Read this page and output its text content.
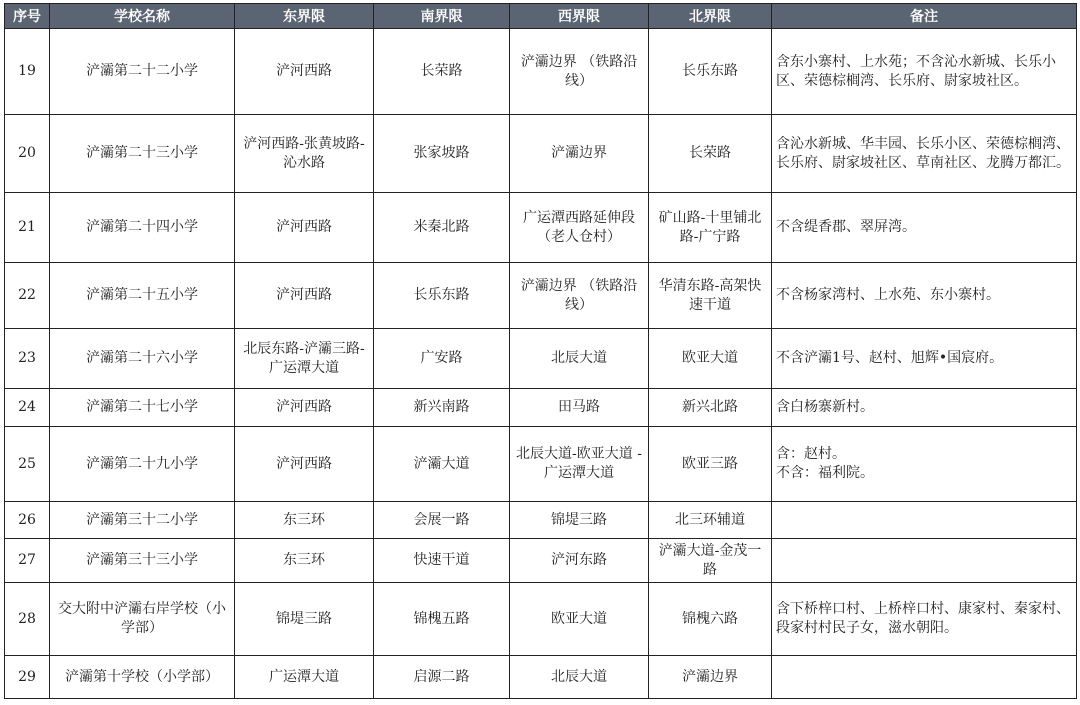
序号	学校名称	东界限	南界限	西界限	北界限	备注
19	浐灞第二十二小学	浐河西路	长荣路	浐灞边界 （铁路沿线）	长乐东路	含东小寨村、上水苑；不含沁水新城、长乐小区、荣德棕榈湾、长乐府、尉家坡社区。
20	浐灞第二十三小学	浐河西路-张黄坡路-沁水路	张家坡路	浐灞边界	长荣路	含沁水新城、华丰园、长乐小区、荣德棕榈湾、长乐府、尉家坡社区、草南社区、龙腾万都汇。
21	浐灞第二十四小学	浐河西路	米秦北路	广运潭西路延伸段（老人仓村）	矿山路-十里铺北路-广宁路	不含缇香郡、翠屏湾。
22	浐灞第二十五小学	浐河西路	长乐东路	浐灞边界 （铁路沿线）	华清东路-高架快速干道	不含杨家湾村、上水苑、东小寨村。
23	浐灞第二十六小学	北辰东路-浐灞三路-广运潭大道	广安路	北辰大道	欧亚大道	不含浐灞1号、赵村、旭辉•国宸府。
24	浐灞第二十七小学	浐河西路	新兴南路	田马路	新兴北路	含白杨寨新村。
25	浐灞第二十九小学	浐河西路	浐灞大道	北辰大道-欧亚大道 -广运潭大道	欧亚三路	含：赵村。
不含：福利院。

26	浐灞第三十二小学	东三环	会展一路	锦堤三路	北三环辅道	
27	浐灞第三十三小学	东三环	快速干道	浐河东路	浐灞大道-金茂一路	
28	交大附中浐灞右岸学校（小学部）	锦堤三路	锦槐五路	欧亚大道	锦槐六路	含下桥梓口村、上桥梓口村、康家村、秦家村、段家村村民子女，滋水朝阳。
29	浐灞第十学校（小学部）	广运潭大道	启源二路	北辰大道	浐灞边界	
